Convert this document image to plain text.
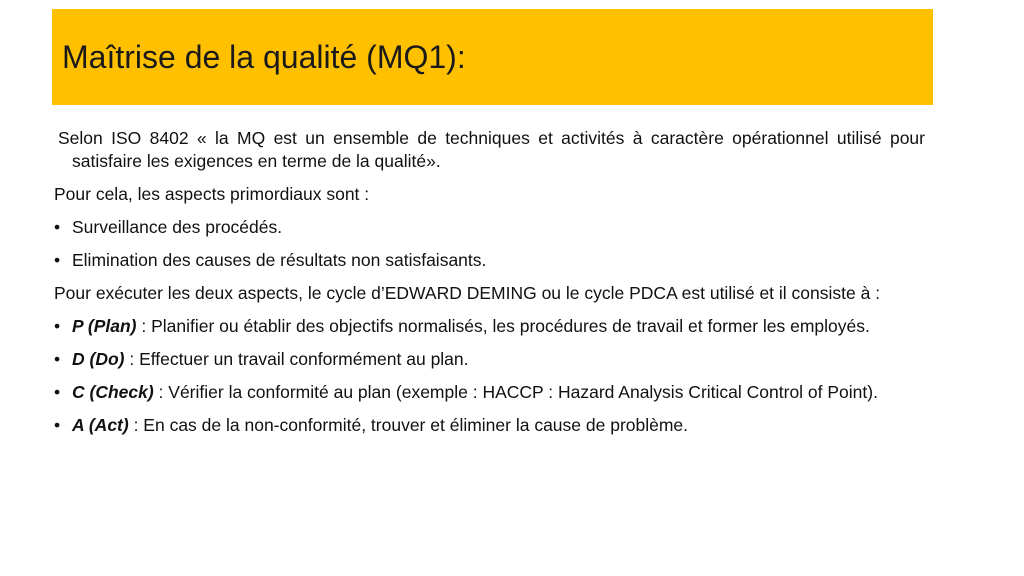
Maîtrise de la qualité (MQ1):

Selon ISO 8402 « la MQ est un ensemble de techniques et activités à caractère opérationnel utilisé pour satisfaire les exigences en terme de la qualité».

Pour cela, les aspects primordiaux sont :

• Surveillance des procédés.
• Elimination des causes de résultats non satisfaisants.

Pour exécuter les deux aspects, le cycle d’EDWARD DEMING ou le cycle PDCA est utilisé et il consiste à :

• P (Plan) : Planifier ou établir des objectifs normalisés, les procédures de travail et former les employés.
• D (Do) : Effectuer un travail conformément au plan.
• C (Check) : Vérifier la conformité au plan (exemple : HACCP : Hazard Analysis Critical Control of Point).
• A (Act) : En cas de la non-conformité, trouver et éliminer la cause de problème.
